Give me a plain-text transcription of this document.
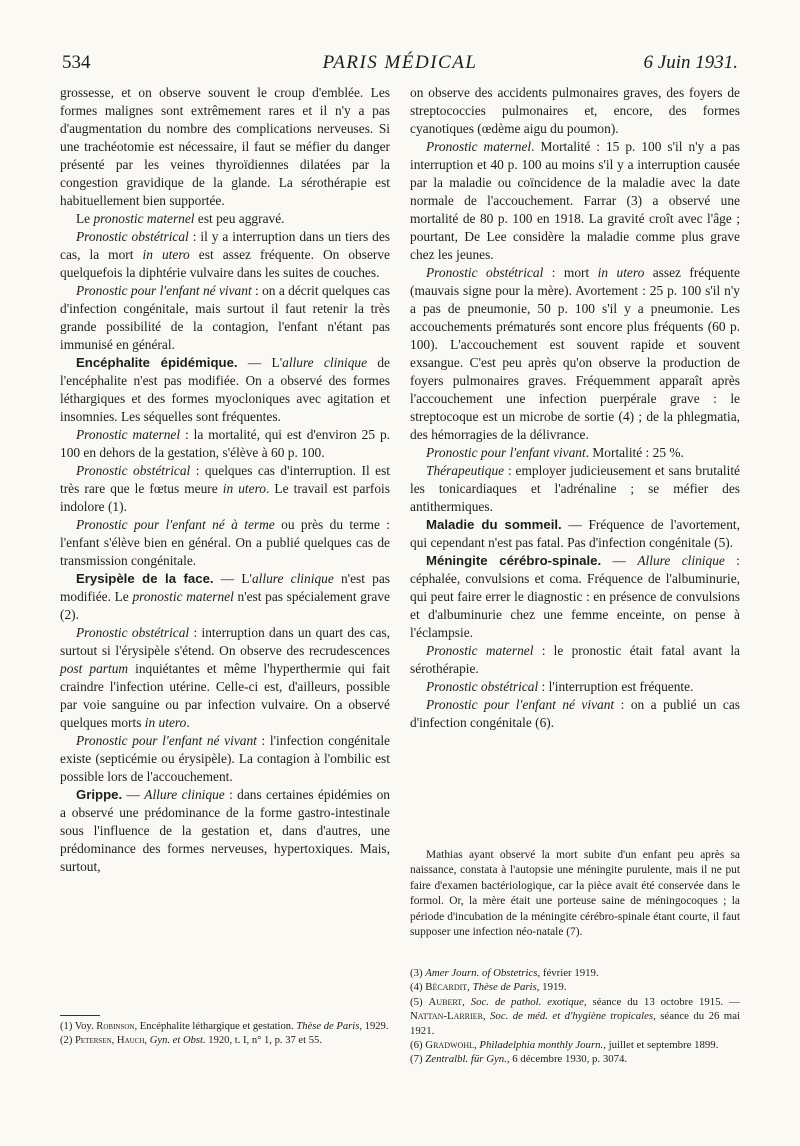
534	PARIS MÉDICAL	6 Juin 1931.

grossesse, et on observe souvent le croup d'emblée. Les formes malignes sont extrêmement rares et il n'y a pas d'augmentation du nombre des complications nerveuses. Si une trachéotomie est nécessaire, il faut se méfier du danger présenté par les veines thyroïdiennes dilatées par la congestion gravidique de la glande. La sérothérapie est habituellement bien supportée.

Le pronostic maternel est peu aggravé.

Pronostic obstétrical : il y a interruption dans un tiers des cas, la mort in utero est assez fréquente. On observe quelquefois la diphtérie vulvaire dans les suites de couches.

Pronostic pour l'enfant né vivant : on a décrit quelques cas d'infection congénitale, mais surtout il faut retenir la très grande possibilité de la contagion, l'enfant n'étant pas immunisé en général.

Encéphalite épidémique. — L'allure clinique de l'encéphalite n'est pas modifiée. On a observé des formes léthargiques et des formes myocloniques avec agitation et insomnies. Les séquelles sont fréquentes.

Pronostic maternel : la mortalité, qui est d'environ 25 p. 100 en dehors de la gestation, s'élève à 60 p. 100.

Pronostic obstétrical : quelques cas d'interruption. Il est très rare que le fœtus meure in utero. Le travail est parfois indolore (1).

Pronostic pour l'enfant né à terme ou près du terme : l'enfant s'élève bien en général. On a publié quelques cas de transmission congénitale.

Erysipèle de la face. — L'allure clinique n'est pas modifiée. Le pronostic maternel n'est pas spécialement grave (2).

Pronostic obstétrical : interruption dans un quart des cas, surtout si l'érysipèle s'étend. On observe des recrudescences post partum inquiétantes et même l'hyperthermie qui fait craindre l'infection utérine. Celle-ci est, d'ailleurs, possible par voie sanguine ou par infection vulvaire. On a observé quelques morts in utero.

Pronostic pour l'enfant né vivant : l'infection congénitale existe (septicémie ou érysipèle). La contagion à l'ombilic est possible lors de l'accouchement.

Grippe. — Allure clinique : dans certaines épidémies on a observé une prédominance de la forme gastro-intestinale sous l'influence de la gestation et, dans d'autres, une prédominance des formes nerveuses, hypertoxiques. Mais, surtout,

on observe des accidents pulmonaires graves, des foyers de streptococcies pulmonaires et, encore, des formes cyanotiques (œdème aigu du poumon).

Pronostic maternel. Mortalité : 15 p. 100 s'il n'y a pas interruption et 40 p. 100 au moins s'il y a interruption causée par la maladie ou coïncidence de la maladie avec la date normale de l'accouchement. Farrar (3) a observé une mortalité de 80 p. 100 en 1918. La gravité croît avec l'âge ; pourtant, De Lee considère la maladie comme plus grave chez les jeunes.

Pronostic obstétrical : mort in utero assez fréquente (mauvais signe pour la mère). Avortement : 25 p. 100 s'il n'y a pas de pneumonie, 50 p. 100 s'il y a pneumonie. Les accouchements prématurés sont encore plus fréquents (60 p. 100). L'accouchement est souvent rapide et souvent exsangue. C'est peu après qu'on observe la production de foyers pulmonaires graves. Fréquemment apparaît après l'accouchement une infection puerpérale grave : le streptocoque est un microbe de sortie (4) ; de la phlegmatia, des hémorragies de la délivrance.

Pronostic pour l'enfant vivant. Mortalité : 25 %.

Thérapeutique : employer judicieusement et sans brutalité les tonicardiaques et l'adrénaline ; se méfier des antithermiques.

Maladie du sommeil. — Fréquence de l'avortement, qui cependant n'est pas fatal. Pas d'infection congénitale (5).

Méningite cérébro-spinale. — Allure clinique : céphalée, convulsions et coma. Fréquence de l'albuminurie, qui peut faire errer le diagnostic : en présence de convulsions et d'albuminurie chez une femme enceinte, on pense à l'éclampsie.

Pronostic maternel : le pronostic était fatal avant la sérothérapie.

Pronostic obstétrical : l'interruption est fréquente.

Pronostic pour l'enfant né vivant : on a publié un cas d'infection congénitale (6).

Mathias ayant observé la mort subite d'un enfant peu après sa naissance, constata à l'autopsie une méningite purulente, mais il ne put faire d'examen bactériologique, car la pièce avait été conservée dans le formol. Or, la mère était une porteuse saine de méningocoques ; la période d'incubation de la méningite cérébro-spinale étant courte, il faut supposer une infection néo-natale (7).

(1) Voy. Robinson, Encéphalite léthargique et gestation. Thèse de Paris, 1929.

(2) Petersen, Hauch, Gyn. et Obst. 1920, t. I, n° 1, p. 37 et 55.

(3) Amer Journ. of Obstetrics, février 1919.

(4) Bécardit, Thèse de Paris, 1919.

(5) Aubert, Soc. de pathol. exotique, séance du 13 octobre 1915. — Nattan-Larrier, Soc. de méd. et d'hygiène tropicales, séance du 26 mai 1921.

(6) Gradwohl, Philadelphia monthly Journ., juillet et septembre 1899.

(7) Zentralbl. für Gyn., 6 décembre 1930, p. 3074.
